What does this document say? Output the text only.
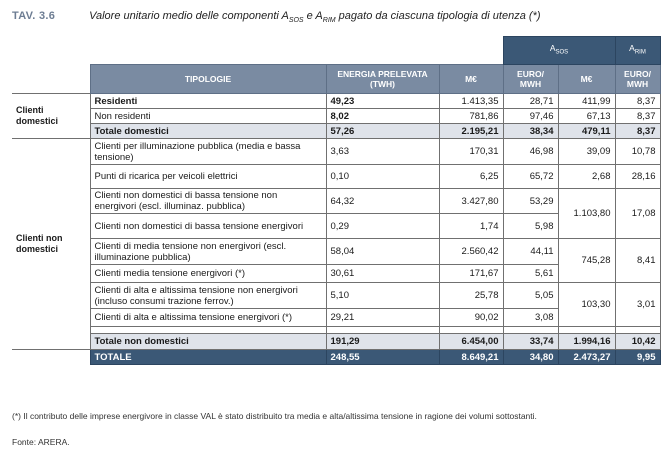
TAV. 3.6	Valore unitario medio delle componenti $A_{SOS}$ e $A_{RIM}$ pagato da ciascuna tipologia di utenza (*)
				$A_{SOS}$		$A_{RIM}$
	TIPOLOGIE	ENERGIA PRELEVATA (TWH)	M€	EURO/ MWH	M€	EURO/ MWH
Clienti domestici	Residenti	49,23	1.413,35	28,71	411,99	8,37
	Non residenti	8,02	781,86	97,46	67,13	8,37
	Totale domestici	57,26	2.195,21	38,34	479,11	8,37
Clienti non domestici	Clienti per illuminazione pubblica (media e bassa tensione)	3,63	170,31	46,98	39,09	10,78
	Punti di ricarica per veicoli elettrici	0,10	6,25	65,72	2,68	28,16
	Clienti non domestici di bassa tensione non energivori (escl. illuminaz. pubblica)	64,32	3.427,80	53,29	1.103,80	17,08
	Clienti non domestici di bassa tensione energivori	0,29	1,74	5,98		
	Clienti di media tensione non energivori (escl. illuminazione pubblica)	58,04	2.560,42	44,11	745,28	8,41
	Clienti media tensione energivori (*)	30,61	171,67	5,61		
	Clienti di alta e altissima tensione non energivori (incluso consumi trazione ferrov.)	5,10	25,78	5,05	103,30	3,01
	Clienti di alta e altissima tensione energivori (*)	29,21	90,02	3,08		

	Totale non domestici	191,29	6.454,00	33,74	1.994,16	10,42
	TOTALE	248,55	8.649,21	34,80	2.473,27	9,95
(*) Il contributo delle imprese energivore in classe VAL è stato distribuito tra media e alta/altissima tensione in ragione dei volumi sottostanti.
Fonte: ARERA.
